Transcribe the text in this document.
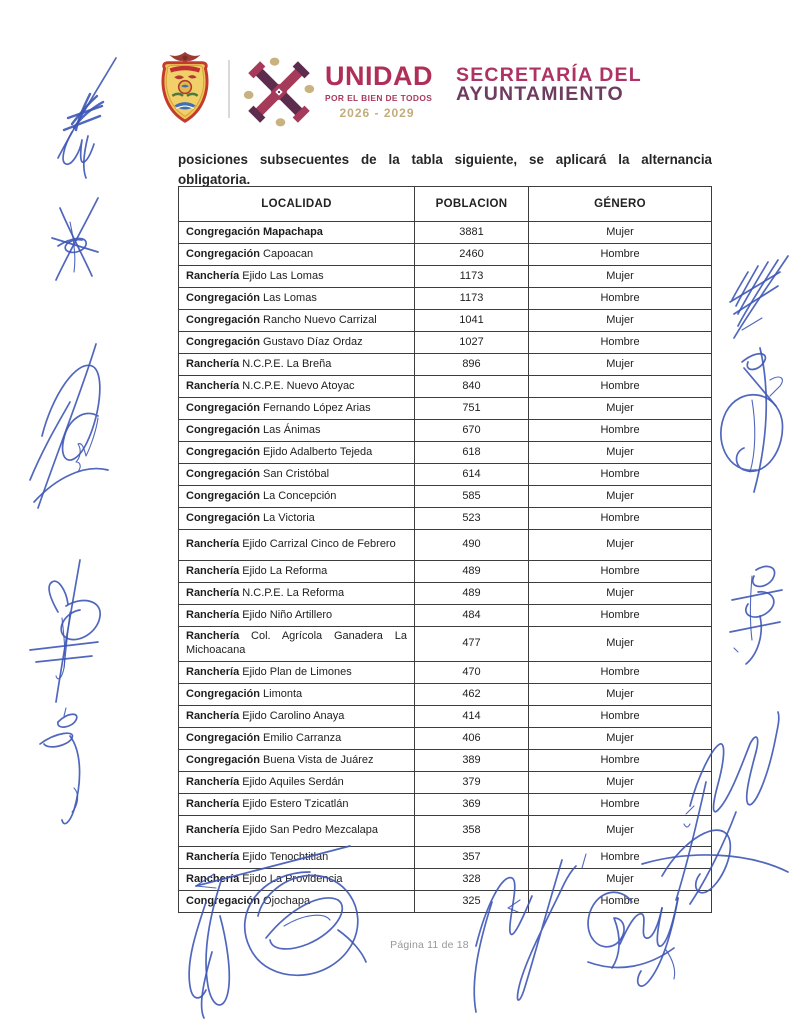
UNIDAD
POR EL BIEN DE TODOS
2026 - 2029
SECRETARÍA DEL
AYUNTAMIENTO

posiciones subsecuentes de la tabla siguiente, se aplicará la alternancia obligatoria.

LOCALIDAD	POBLACION	GÉNERO
Congregación Mapachapa	3881	Mujer
Congregación Capoacan	2460	Hombre
Ranchería Ejido Las Lomas	1173	Mujer
Congregación Las Lomas	1173	Hombre
Congregación Rancho Nuevo Carrizal	1041	Mujer
Congregación Gustavo Díaz Ordaz	1027	Hombre
Ranchería N.C.P.E. La Breña	896	Mujer
Ranchería N.C.P.E. Nuevo Atoyac	840	Hombre
Congregación Fernando López Arias	751	Mujer
Congregación Las Ánimas	670	Hombre
Congregación Ejido Adalberto Tejeda	618	Mujer
Congregación San Cristóbal	614	Hombre
Congregación La Concepción	585	Mujer
Congregación La Victoria	523	Hombre
Ranchería Ejido Carrizal Cinco de Febrero	490	Mujer
Ranchería Ejido La Reforma	489	Hombre
Ranchería N.C.P.E. La Reforma	489	Mujer
Ranchería Ejido Niño Artillero	484	Hombre
Ranchería Col. Agrícola Ganadera La Michoacana	477	Mujer
Ranchería Ejido Plan de Limones	470	Hombre
Congregación Limonta	462	Mujer
Ranchería Ejido Carolino Anaya	414	Hombre
Congregación Emilio Carranza	406	Mujer
Congregación Buena Vista de Juárez	389	Hombre
Ranchería Ejido Aquiles Serdán	379	Mujer
Ranchería Ejido Estero Tzicatlán	369	Hombre
Ranchería Ejido San Pedro Mezcalapa	358	Mujer
Ranchería Ejido Tenochtitlan	357	Hombre
Ranchería Ejido La Providencia	328	Mujer
Congregación Ojochapa	325	Hombre
Página 11 de 18
